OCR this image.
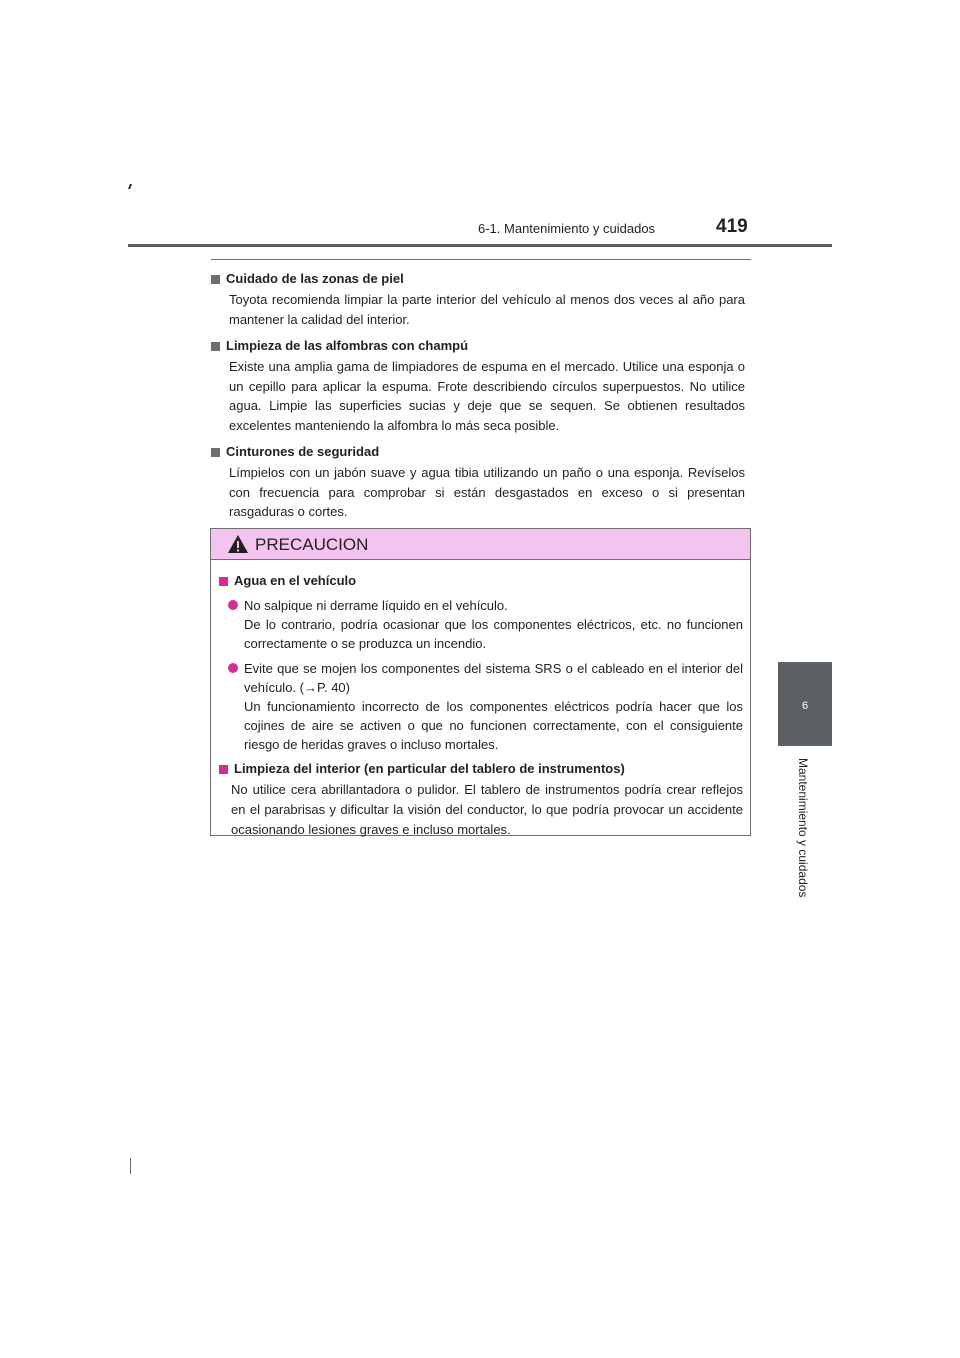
6-1. Mantenimiento y cuidados	419
6
Mantenimiento y cuidados
Cuidado de las zonas de piel
Toyota recomienda limpiar la parte interior del vehículo al menos dos veces al año para mantener la calidad del interior.
Limpieza de las alfombras con champú
Existe una amplia gama de limpiadores de espuma en el mercado. Utilice una esponja o un cepillo para aplicar la espuma. Frote describiendo círculos superpuestos. No utilice agua. Limpie las superficies sucias y deje que se sequen. Se obtienen resultados excelentes manteniendo la alfombra lo más seca posible.
Cinturones de seguridad
Límpielos con un jabón suave y agua tibia utilizando un paño o una esponja. Revíselos con frecuencia para comprobar si están desgastados en exceso o si presentan rasgaduras o cortes.
PRECAUCION
Agua en el vehículo
No salpique ni derrame líquido en el vehículo.
De lo contrario, podría ocasionar que los componentes eléctricos, etc. no funcionen correctamente o se produzca un incendio.
Evite que se mojen los componentes del sistema SRS o el cableado en el interior del vehículo. (→P. 40)
Un funcionamiento incorrecto de los componentes eléctricos podría hacer que los cojines de aire se activen o que no funcionen correctamente, con el consiguiente riesgo de heridas graves o incluso mortales.
Limpieza del interior (en particular del tablero de instrumentos)
No utilice cera abrillantadora o pulidor. El tablero de instrumentos podría crear reflejos en el parabrisas y dificultar la visión del conductor, lo que podría provocar un accidente ocasionando lesiones graves e incluso mortales.
